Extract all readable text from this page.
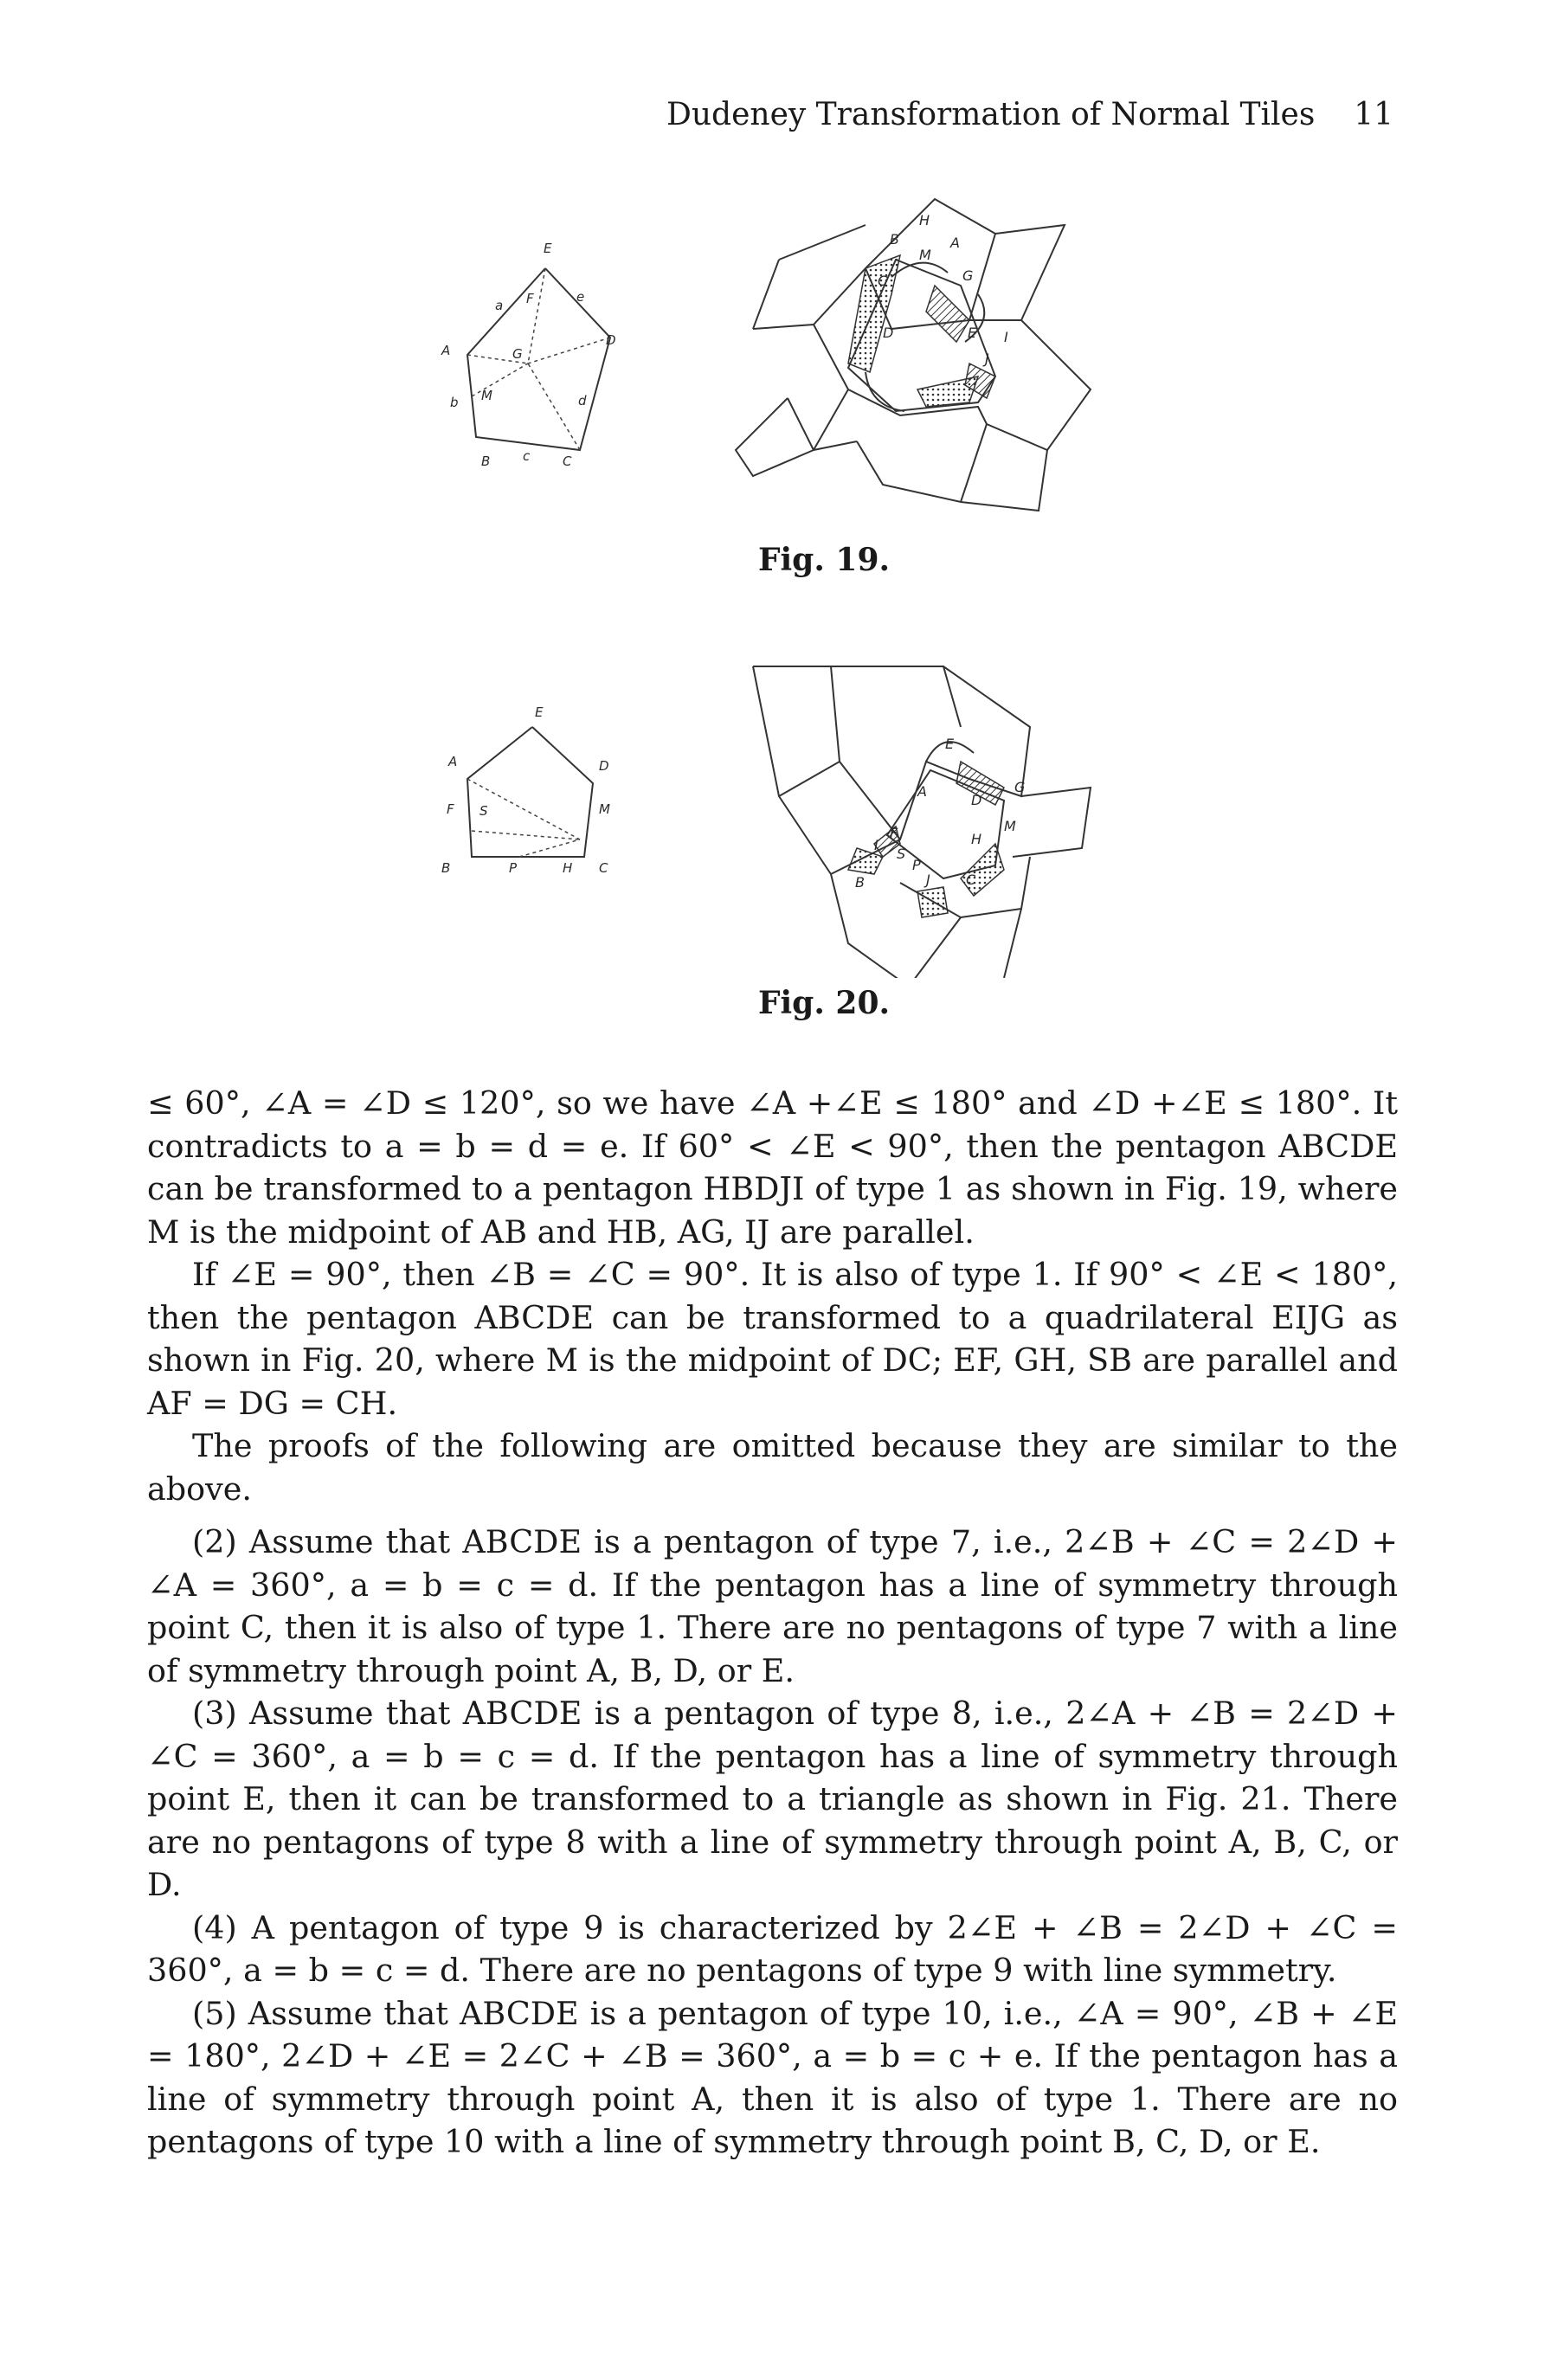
Dudeney Transformation of Normal Tiles 11
E
a F	e
A	G
D
b M	d
B	c	C
H
B	A
M
G
C
E
D	I
J
Fig. 19.
E
A	D
F S	M
B	P	H C
E
A
D
G
F
I
S
M
H
B
P
J	C
Fig. 20.

≤ 60°, ∠A = ∠D ≤ 120°, so we have ∠A +∠E ≤ 180° and ∠D +∠E ≤ 180°. It contradicts to a = b = d = e. If 60° < ∠E < 90°, then the pentagon ABCDE can be transformed to a pentagon HBDJI of type 1 as shown in Fig. 19, where M is the midpoint of AB and HB, AG, IJ are parallel.

If ∠E = 90°, then ∠B = ∠C = 90°. It is also of type 1. If 90° < ∠E < 180°, then the pentagon ABCDE can be transformed to a quadrilateral EIJG as shown in Fig. 20, where M is the midpoint of DC; EF, GH, SB are parallel and AF = DG = CH.

The proofs of the following are omitted because they are similar to the above.

(2) Assume that ABCDE is a pentagon of type 7, i.e., 2∠B + ∠C = 2∠D + ∠A = 360°, a = b = c = d. If the pentagon has a line of symmetry through point C, then it is also of type 1. There are no pentagons of type 7 with a line of symmetry through point A, B, D, or E.

(3) Assume that ABCDE is a pentagon of type 8, i.e., 2∠A + ∠B = 2∠D + ∠C = 360°, a = b = c = d. If the pentagon has a line of symmetry through point E, then it can be transformed to a triangle as shown in Fig. 21. There are no pentagons of type 8 with a line of symmetry through point A, B, C, or D.

(4) A pentagon of type 9 is characterized by 2∠E + ∠B = 2∠D + ∠C = 360°, a = b = c = d. There are no pentagons of type 9 with line symmetry.

(5) Assume that ABCDE is a pentagon of type 10, i.e., ∠A = 90°, ∠B + ∠E = 180°, 2∠D + ∠E = 2∠C + ∠B = 360°, a = b = c + e. If the pentagon has a line of symmetry through point A, then it is also of type 1. There are no pentagons of type 10 with a line of symmetry through point B, C, D, or E.
